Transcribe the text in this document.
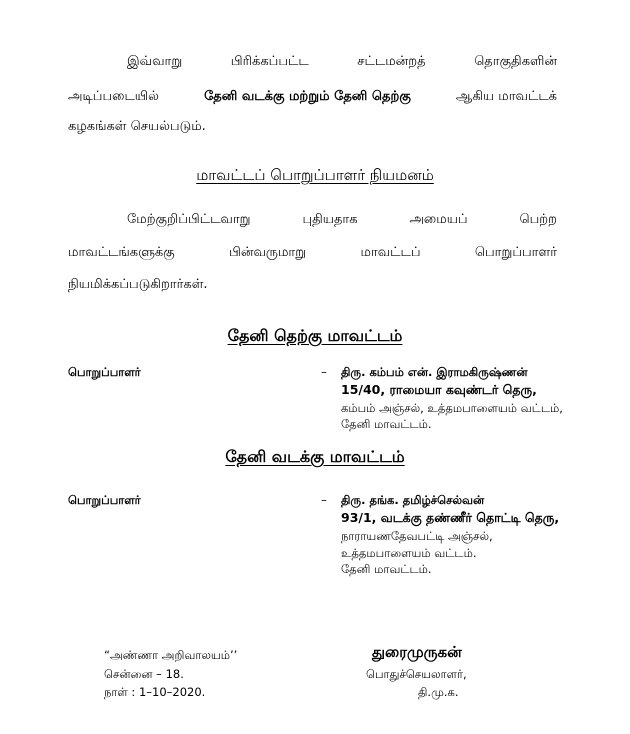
இவ்வாறு	பிரிக்கப்பட்ட	சட்டமன்றத்	தொகுதிகளின்
அடிப்படையில்	தேனி வடக்கு மற்றும் தேனி தெற்கு	ஆகிய மாவட்டக்
கழகங்கள் செயல்படும்.
மாவட்டப் பொறுப்பாளர் நியமனம்
மேற்குறிப்பிட்டவாறு	புதியதாக	அமையப்	பெற்ற
மாவட்டங்களுக்கு	பின்வருமாறு	மாவட்டப்	பொறுப்பாளர்
நியமிக்கப்படுகிறார்கள்.
தேனி தெற்கு மாவட்டம்
பொறுப்பாளர்	– திரு. கம்பம் என். இராமகிருஷ்ணன்
15/40, ராமையா கவுண்டர் தெரு,
கம்பம் அஞ்சல், உத்தமபாளையம் வட்டம்,
தேனி மாவட்டம்.
தேனி வடக்கு மாவட்டம்
பொறுப்பாளர்	– திரு. தங்க. தமிழ்ச்செல்வன்
93/1, வடக்கு தண்ணீர் தொட்டி தெரு,
நாராயணதேவபட்டி அஞ்சல்,
உத்தமபாளையம் வட்டம்.
தேனி மாவட்டம்.
“அண்ணா அறிவாலயம்’’
சென்னை – 18.
நாள் : 1–10–2020.
துரைமுருகன்
பொதுச்செயலாளர்,
தி.மு.க.
